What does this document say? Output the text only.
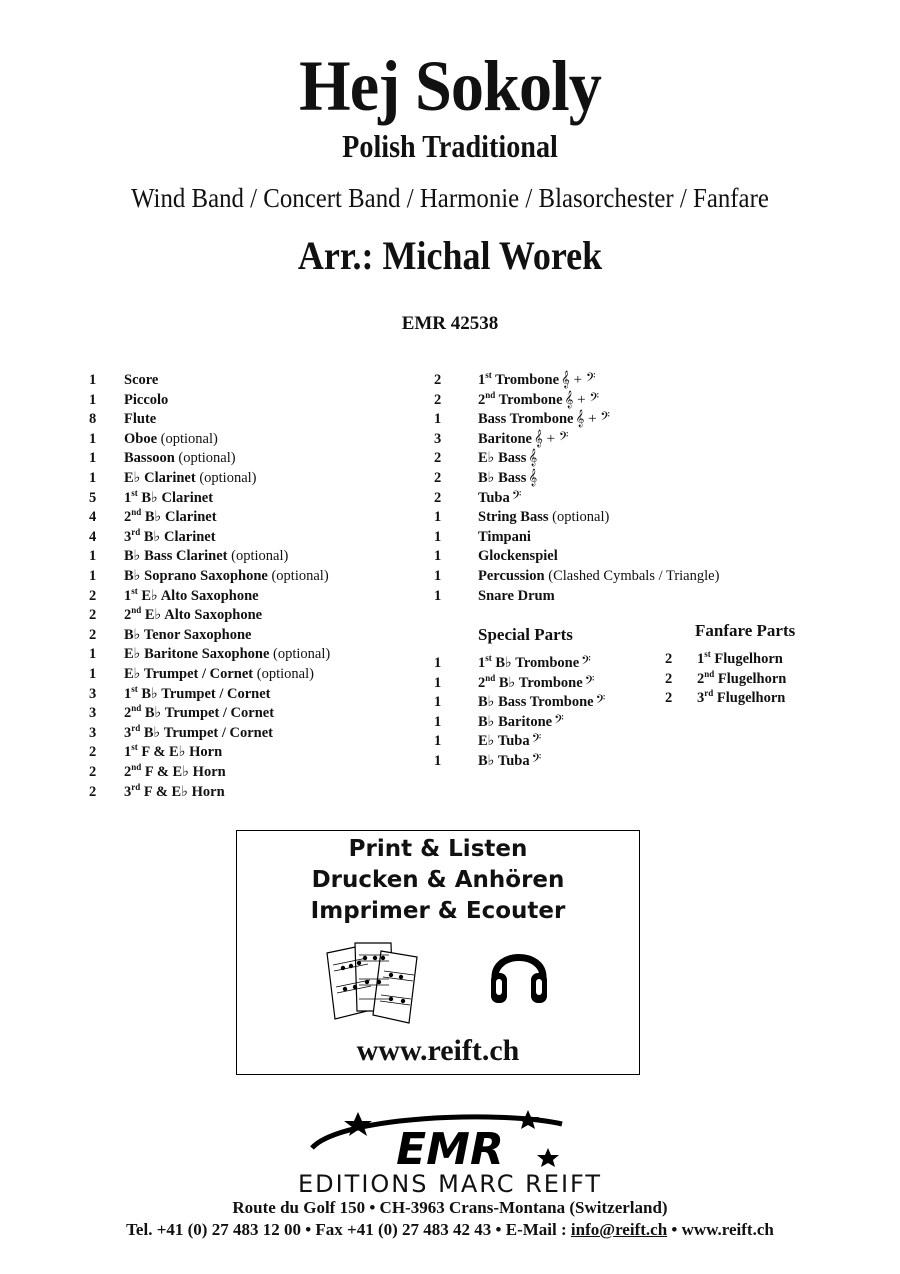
Hej Sokoly
Polish Traditional
Wind Band / Concert Band / Harmonie / Blasorchester / Fanfare
Arr.: Michal Worek
EMR 42538
1 Score
1 Piccolo
8 Flute
1 Oboe (optional)
1 Bassoon (optional)
1 E♭ Clarinet (optional)
5 1st B♭ Clarinet
4 2nd B♭ Clarinet
4 3rd B♭ Clarinet
1 B♭ Bass Clarinet (optional)
1 B♭ Soprano Saxophone (optional)
2 1st E♭ Alto Saxophone
2 2nd E♭ Alto Saxophone
2 B♭ Tenor Saxophone
1 E♭ Baritone Saxophone (optional)
1 E♭ Trumpet / Cornet (optional)
3 1st B♭ Trumpet / Cornet
3 2nd B♭ Trumpet / Cornet
3 3rd B♭ Trumpet / Cornet
2 1st F & E♭ Horn
2 2nd F & E♭ Horn
2 3rd F & E♭ Horn
2	1st Trombone 𝄞 + 𝄢
2	2nd Trombone 𝄞 + 𝄢
1	Bass Trombone 𝄞 + 𝄢
3	Baritone 𝄞 + 𝄢
2	E♭ Bass 𝄞
2	B♭ Bass 𝄞
2	Tuba 𝄢
1	String Bass (optional)
1	Timpani
1	Glockenspiel
1	Percussion (Clashed Cymbals / Triangle)
1	Snare Drum
Special Parts
1	1st B♭ Trombone 𝄢
1	2nd B♭ Trombone 𝄢
1	B♭ Bass Trombone 𝄢
1	B♭ Baritone 𝄢
1	E♭ Tuba 𝄢
1	B♭ Tuba 𝄢
Fanfare Parts
2 1st Flugelhorn
2 2nd Flugelhorn
2 3rd Flugelhorn
Print & Listen
Drucken & Anhören
Imprimer & Ecouter
www.reift.ch
EMR
EDITIONS MARC REIFT
Route du Golf 150 • CH-3963 Crans-Montana (Switzerland)
Tel. +41 (0) 27 483 12 00 • Fax +41 (0) 27 483 42 43 • E-Mail : info@reift.ch • www.reift.ch
